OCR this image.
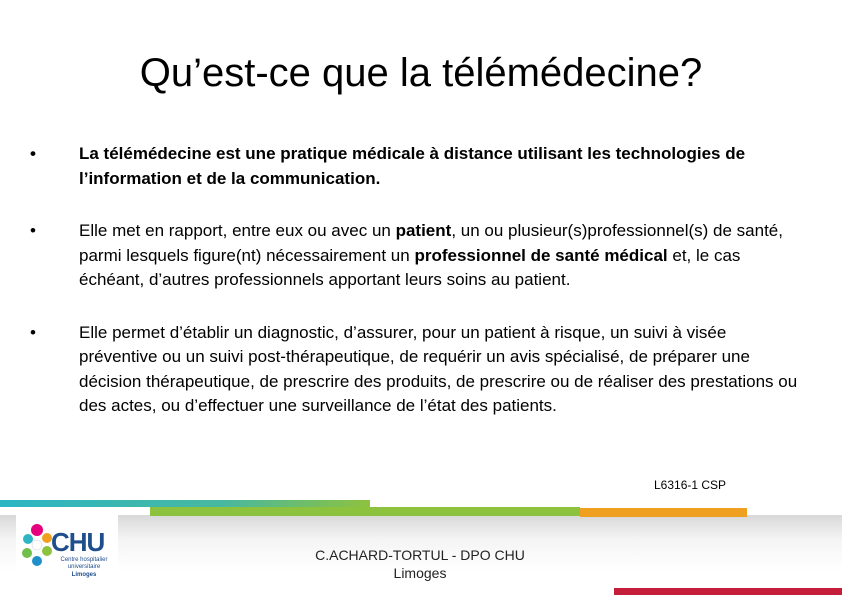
Qu’est-ce que la télémédecine?
•	La télémédecine est une pratique médicale à distance utilisant les technologies de l’information et de la communication.
•	Elle met en rapport, entre eux ou avec un patient, un ou plusieur(s)professionnel(s) de santé, parmi lesquels figure(nt) nécessairement un professionnel de santé médical et, le cas échéant, d’autres professionnels apportant leurs soins au patient.
•	Elle permet d’établir un diagnostic, d’assurer, pour un patient à risque, un suivi à visée préventive ou un suivi post-thérapeutique, de requérir un avis spécialisé, de préparer une décision thérapeutique, de prescrire des produits, de prescrire ou de réaliser des prestations ou des actes, ou d’effectuer une surveillance de l’état des patients.
L6316-1 CSP
CHU
Centre hospitalier universitaire
Limoges
C.ACHARD-TORTUL - DPO CHU
Limoges
